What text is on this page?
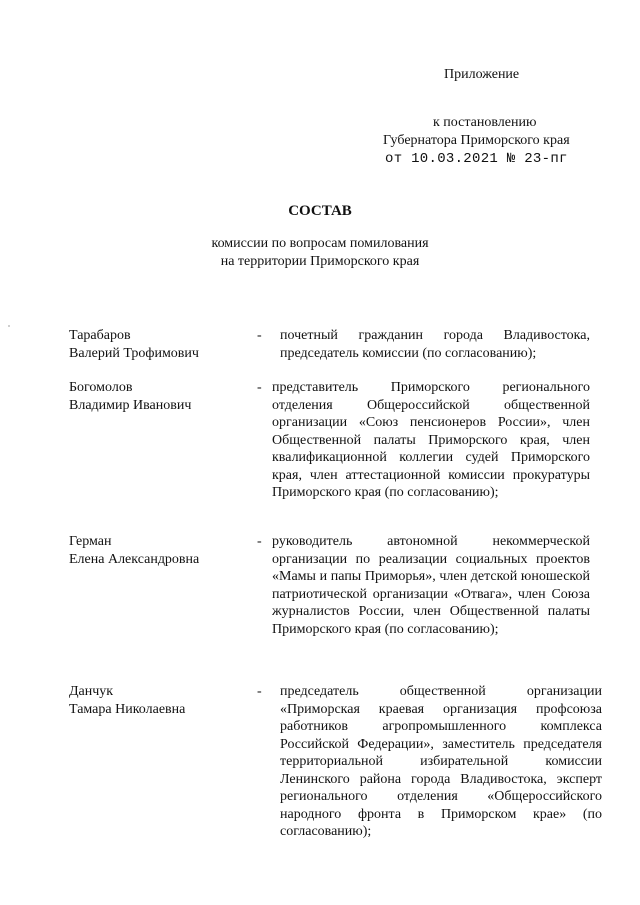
Приложение
к постановлению
Губернатора Приморского края
от 10.03.2021 № 23-пг
СОСТАВ
комиссии по вопросам помилования
на территории Приморского края
Тарабаров
Валерий Трофимович
- почетный гражданин города Владивостока, председатель комиссии (по согласованию);
Богомолов
Владимир Иванович
- представитель Приморского регионального отделения Общероссийской общественной организации «Союз пенсионеров России», член Общественной палаты Приморского края, член квалификационной коллегии судей Приморского края, член аттестационной комиссии прокуратуры Приморского края (по согласованию);
Герман
Елена Александровна
- руководитель автономной некоммерческой организации по реализации социальных проектов «Мамы и папы Приморья», член детской юношеской патриотической организации «Отвага», член Союза журналистов России, член Общественной палаты Приморского края (по согласованию);
Данчук
Тамара Николаевна
- председатель общественной организации «Приморская краевая организация профсоюза работников агропромышленного комплекса Российской Федерации», заместитель председателя территориальной избирательной комиссии Ленинского района города Владивостока, эксперт регионального отделения «Общероссийского народного фронта в Приморском крае» (по согласованию);
